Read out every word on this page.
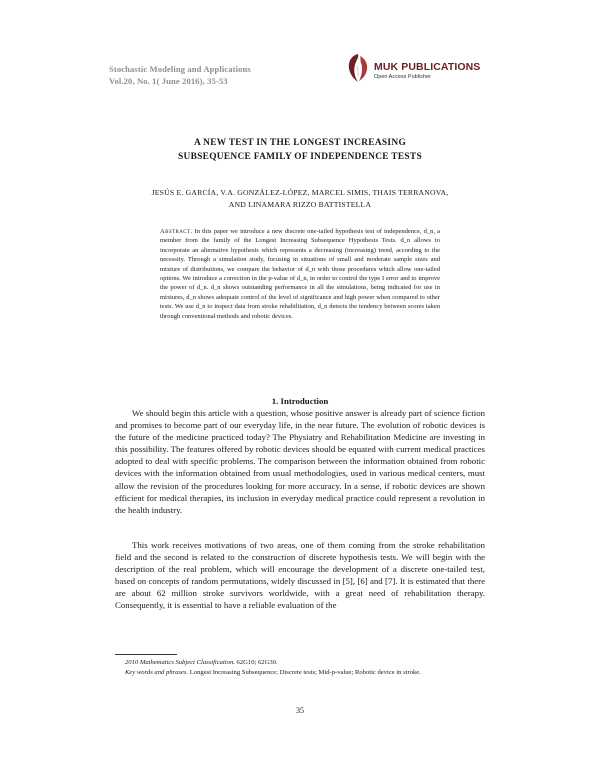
Stochastic Modeling and Applications
Vol.20, No. 1( June 2016), 35-53
MUK PUBLICATIONS
Open Access Publisher
A NEW TEST IN THE LONGEST INCREASING
SUBSEQUENCE FAMILY OF INDEPENDENCE TESTS
JESÚS E. GARCÍA, V.A. GONZÁLEZ-LÓPEZ, MARCEL SIMIS, THAIS TERRANOVA,
AND LINAMARA RIZZO BATTISTELLA
Abstract. In this paper we introduce a new discrete one-tailed hypothesis test of independence, d_n, a member from the family of the Longest Increasing Subsequence Hypothesis Tests. d_n allows to incorporate an alternative hypothesis which represents a decreasing (increasing) trend, according to the necessity. Through a simulation study, focusing in situations of small and moderate sample sizes and mixture of distributions, we compare the behavior of d_n with those procedures which allow one-tailed options. We introduce a correction in the p-value of d_n, in order to control the type I error and to improve the power of d_n. d_n shows outstanding performance in all the simulations, being indicated for use in mixtures, d_n shows adequate control of the level of significance and high power when compared to other tests. We use d_n to inspect data from stroke rehabilitation, d_n detects the tendency between scores taken through conventional methods and robotic devices.
1. Introduction

We should begin this article with a question, whose positive answer is already part of science fiction and promises to become part of our everyday life, in the near future. The evolution of robotic devices is the future of the medicine practiced today? The Physiatry and Rehabilitation Medicine are investing in this possibility. The features offered by robotic devices should be equated with current medical practices adopted to deal with specific problems. The comparison between the information obtained from robotic devices with the information obtained from usual methodologies, used in various medical centers, must allow the revision of the procedures looking for more accuracy. In a sense, if robotic devices are shown efficient for medical therapies, its inclusion in everyday medical practice could represent a revolution in the health industry.

This work receives motivations of two areas, one of them coming from the stroke rehabilitation field and the second is related to the construction of discrete hypothesis tests. We will begin with the description of the real problem, which will encourage the development of a discrete one-tailed test, based on concepts of random permutations, widely discussed in [5], [6] and [7]. It is estimated that there are about 62 million stroke survivors worldwide, with a great need of rehabilitation therapy. Consequently, it is essential to have a reliable evaluation of the

2010 Mathematics Subject Classification. 62G10; 62G30.
Key words and phrases. Longest Increasing Subsequence; Discrete tests; Mid-p-value; Robotic device in stroke.
35
